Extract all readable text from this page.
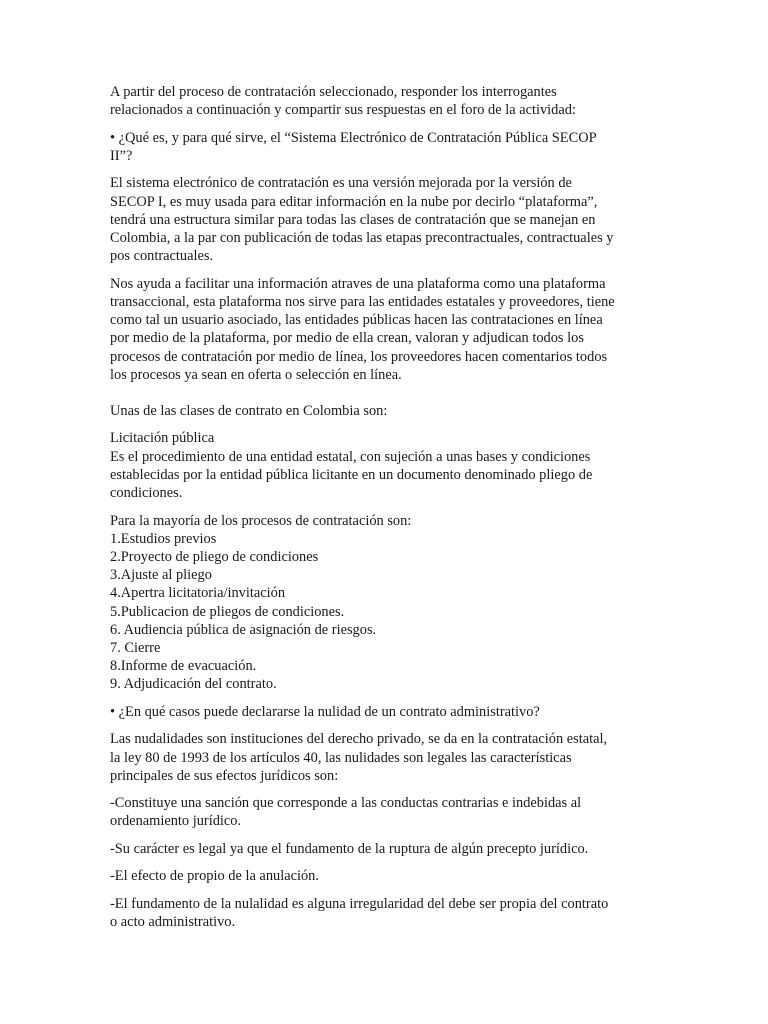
A partir del proceso de contratación seleccionado, responder los interrogantes
relacionados a continuación y compartir sus respuestas en el foro de la actividad:

• ¿Qué es, y para qué sirve, el “Sistema Electrónico de Contratación Pública SECOP
II”?

El sistema electrónico de contratación es una versión mejorada por la versión de
SECOP I, es muy usada para editar información en la nube por decirlo “plataforma”,
tendrá una estructura similar para todas las clases de contratación que se manejan en
Colombia, a la par con publicación de todas las etapas precontractuales, contractuales y
pos contractuales.

Nos ayuda a facilitar una información atraves de una plataforma como una plataforma
transaccional, esta plataforma nos sirve para las entidades estatales y proveedores, tiene
como tal un usuario asociado, las entidades públicas hacen las contrataciones en línea
por medio de la plataforma, por medio de ella crean, valoran y adjudican todos los
procesos de contratación por medio de línea, los proveedores hacen comentarios todos
los procesos ya sean en oferta o selección en línea.

Unas de las clases de contrato en Colombia son:

Licitación pública
Es el procedimiento de una entidad estatal, con sujeción a unas bases y condiciones
establecidas por la entidad pública licitante en un documento denominado pliego de
condiciones.
Para la mayoría de los procesos de contratación son:
1.Estudios previos
2.Proyecto de pliego de condiciones
3.Ajuste al pliego
4.Apertra licitatoria/invitación
5.Publicacion de pliegos de condiciones.
6. Audiencia pública de asignación de riesgos.
7. Cierre
8.Informe de evacuación.
9. Adjudicación del contrato.

• ¿En qué casos puede declararse la nulidad de un contrato administrativo?

Las nudalidades son instituciones del derecho privado, se da en la contratación estatal,
la ley 80 de 1993 de los artículos 40, las nulidades son legales las características
principales de sus efectos jurídicos son:

-Constituye una sanción que corresponde a las conductas contrarias e indebidas al
ordenamiento jurídico.

-Su carácter es legal ya que el fundamento de la ruptura de algún precepto jurídico.

-El efecto de propio de la anulación.

-El fundamento de la nulalidad es alguna irregularidad del debe ser propia del contrato
o acto administrativo.
